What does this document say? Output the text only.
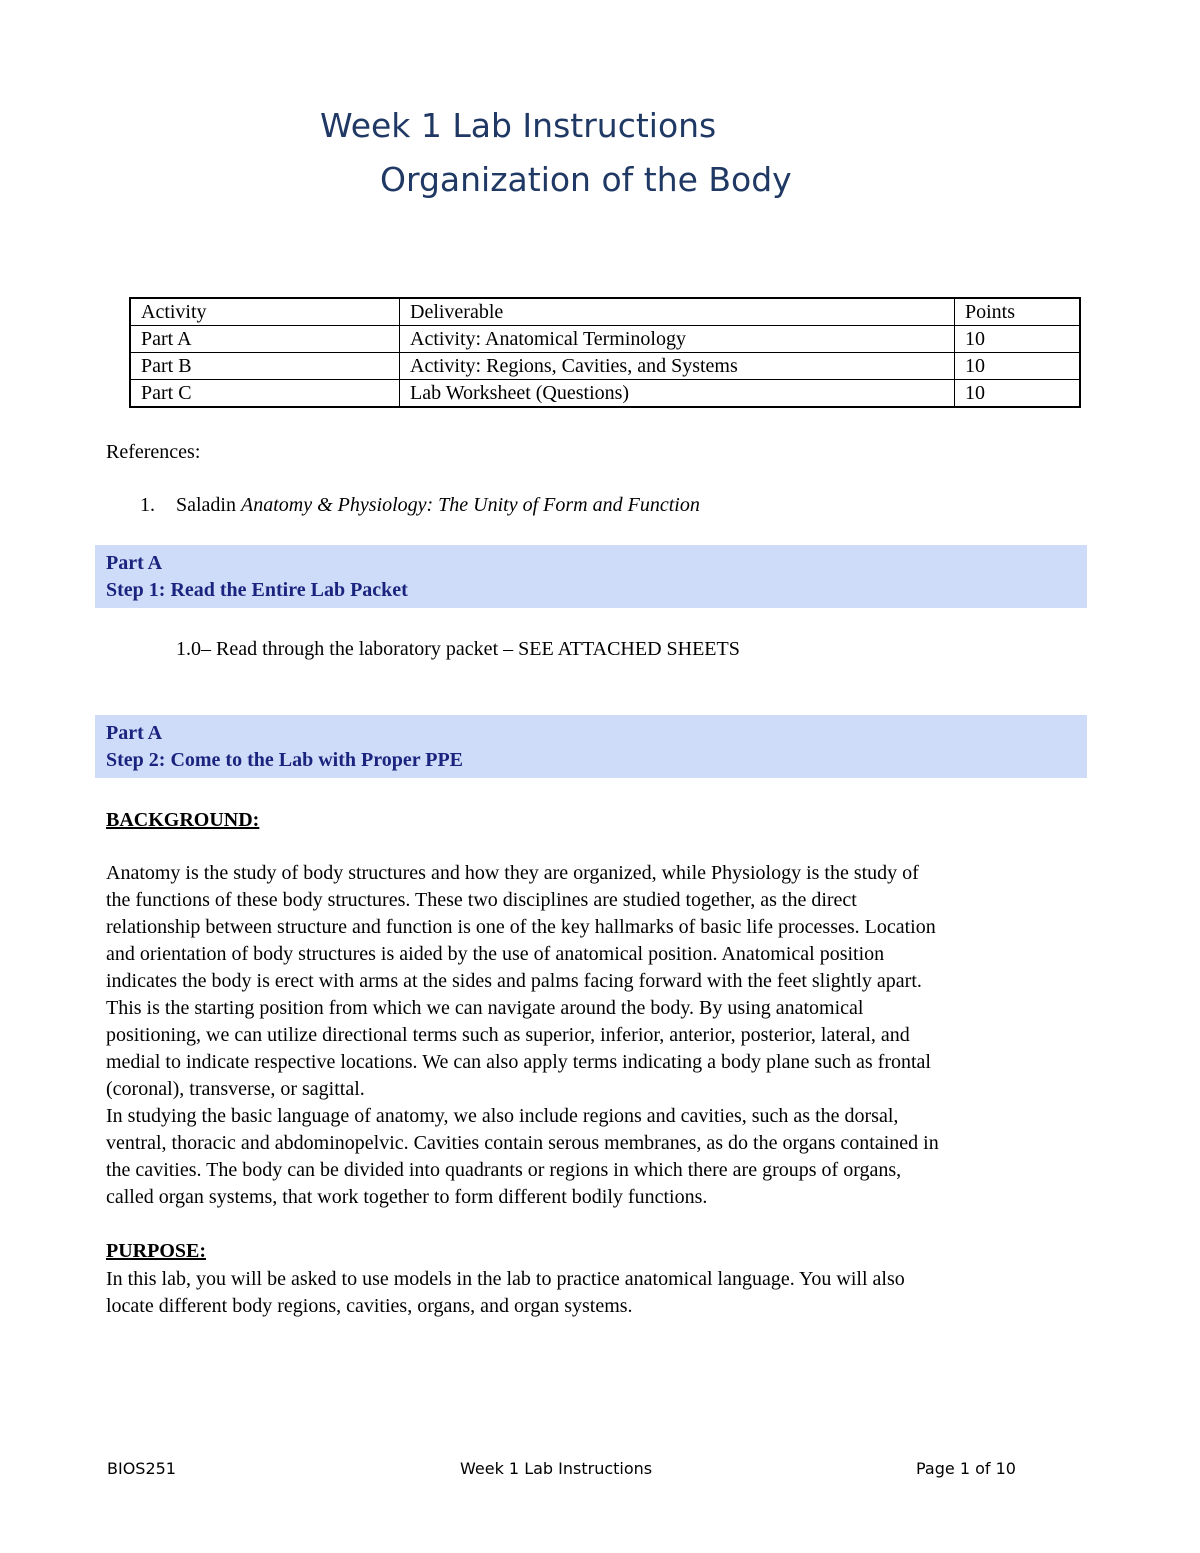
Week 1 Lab Instructions
Organization of the Body
Activity	Deliverable	Points
Part A	Activity: Anatomical Terminology	10
Part B	Activity: Regions, Cavities, and Systems	10
Part C	Lab Worksheet (Questions)	10
References:
1. Saladin Anatomy & Physiology: The Unity of Form and Function
Part A
Step 1: Read the Entire Lab Packet
1.0– Read through the laboratory packet – SEE ATTACHED SHEETS
Part A
Step 2: Come to the Lab with Proper PPE
BACKGROUND:
Anatomy is the study of body structures and how they are organized, while Physiology is the study of
the functions of these body structures. These two disciplines are studied together, as the direct
relationship between structure and function is one of the key hallmarks of basic life processes. Location
and orientation of body structures is aided by the use of anatomical position. Anatomical position
indicates the body is erect with arms at the sides and palms facing forward with the feet slightly apart.
This is the starting position from which we can navigate around the body. By using anatomical
positioning, we can utilize directional terms such as superior, inferior, anterior, posterior, lateral, and
medial to indicate respective locations. We can also apply terms indicating a body plane such as frontal
(coronal), transverse, or sagittal.
In studying the basic language of anatomy, we also include regions and cavities, such as the dorsal,
ventral, thoracic and abdominopelvic. Cavities contain serous membranes, as do the organs contained in
the cavities. The body can be divided into quadrants or regions in which there are groups of organs,
called organ systems, that work together to form different bodily functions.
PURPOSE:
In this lab, you will be asked to use models in the lab to practice anatomical language. You will also
locate different body regions, cavities, organs, and organ systems.
BIOS251	Week 1 Lab Instructions	Page 1 of 10
